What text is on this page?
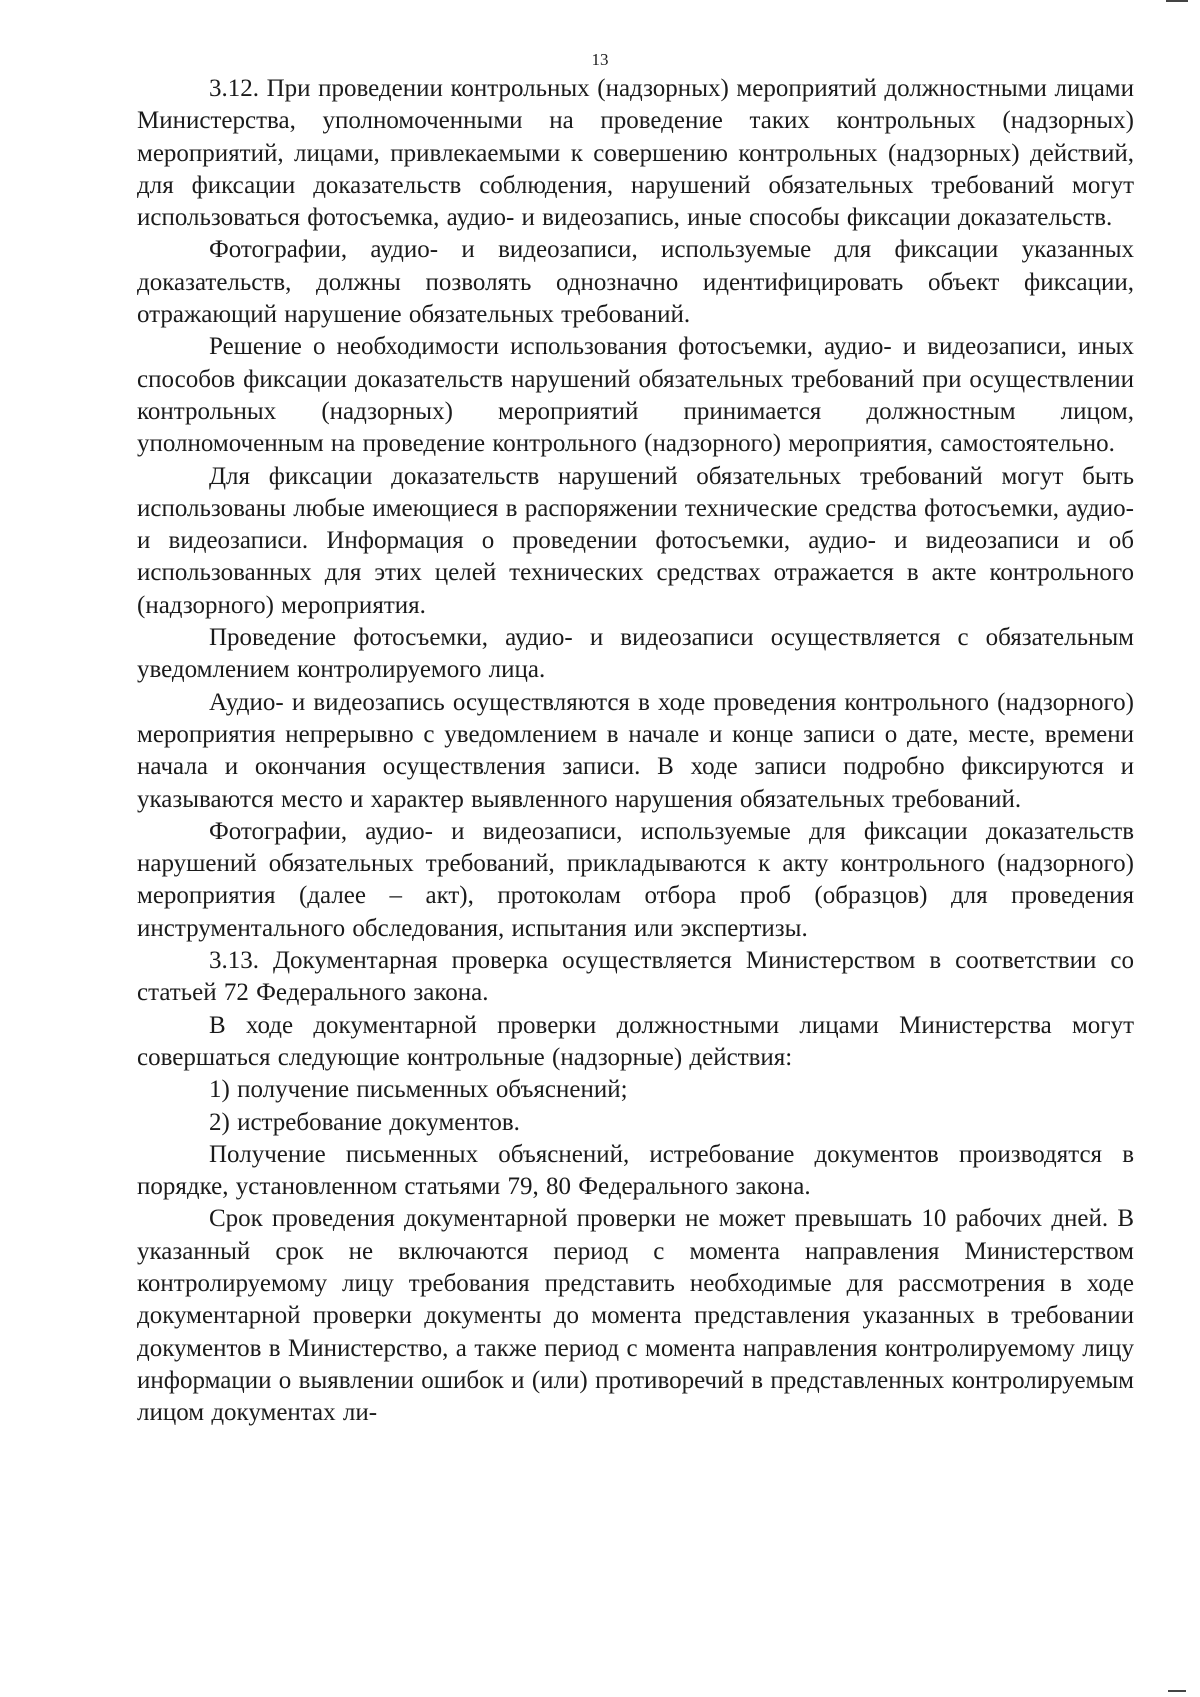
13

3.12. При проведении контрольных (надзорных) мероприятий должностными лицами Министерства, уполномоченными на проведение таких контрольных (надзорных) мероприятий, лицами, привлекаемыми к совершению контрольных (надзорных) действий, для фиксации доказательств соблюдения, нарушений обязательных требований могут использоваться фотосъемка, аудио- и видеозапись, иные способы фиксации доказательств.

Фотографии, аудио- и видеозаписи, используемые для фиксации указанных доказательств, должны позволять однозначно идентифицировать объект фиксации, отражающий нарушение обязательных требований.

Решение о необходимости использования фотосъемки, аудио- и видеозаписи, иных способов фиксации доказательств нарушений обязательных требований при осуществлении контрольных (надзорных) мероприятий принимается должностным лицом, уполномоченным на проведение контрольного (надзорного) мероприятия, самостоятельно.

Для фиксации доказательств нарушений обязательных требований могут быть использованы любые имеющиеся в распоряжении технические средства фотосъемки, аудио- и видеозаписи. Информация о проведении фотосъемки, аудио- и видеозаписи и об использованных для этих целей технических средствах отражается в акте контрольного (надзорного) мероприятия.

Проведение фотосъемки, аудио- и видеозаписи осуществляется с обязательным уведомлением контролируемого лица.

Аудио- и видеозапись осуществляются в ходе проведения контрольного (надзорного) мероприятия непрерывно с уведомлением в начале и конце записи о дате, месте, времени начала и окончания осуществления записи. В ходе записи подробно фиксируются и указываются место и характер выявленного нарушения обязательных требований.

Фотографии, аудио- и видеозаписи, используемые для фиксации доказательств нарушений обязательных требований, прикладываются к акту контрольного (надзорного) мероприятия (далее – акт), протоколам отбора проб (образцов) для проведения инструментального обследования, испытания или экспертизы.

3.13. Документарная проверка осуществляется Министерством в соответствии со статьей 72 Федерального закона.

В ходе документарной проверки должностными лицами Министерства могут совершаться следующие контрольные (надзорные) действия:

1) получение письменных объяснений;

2) истребование документов.

Получение письменных объяснений, истребование документов производятся в порядке, установленном статьями 79, 80 Федерального закона.

Срок проведения документарной проверки не может превышать 10 рабочих дней. В указанный срок не включаются период с момента направления Министерством контролируемому лицу требования представить необходимые для рассмотрения в ходе документарной проверки документы до момента представления указанных в требовании документов в Министерство, а также период с момента направления контролируемому лицу информации о выявлении ошибок и (или) противоречий в представленных контролируемым лицом документах ли-
